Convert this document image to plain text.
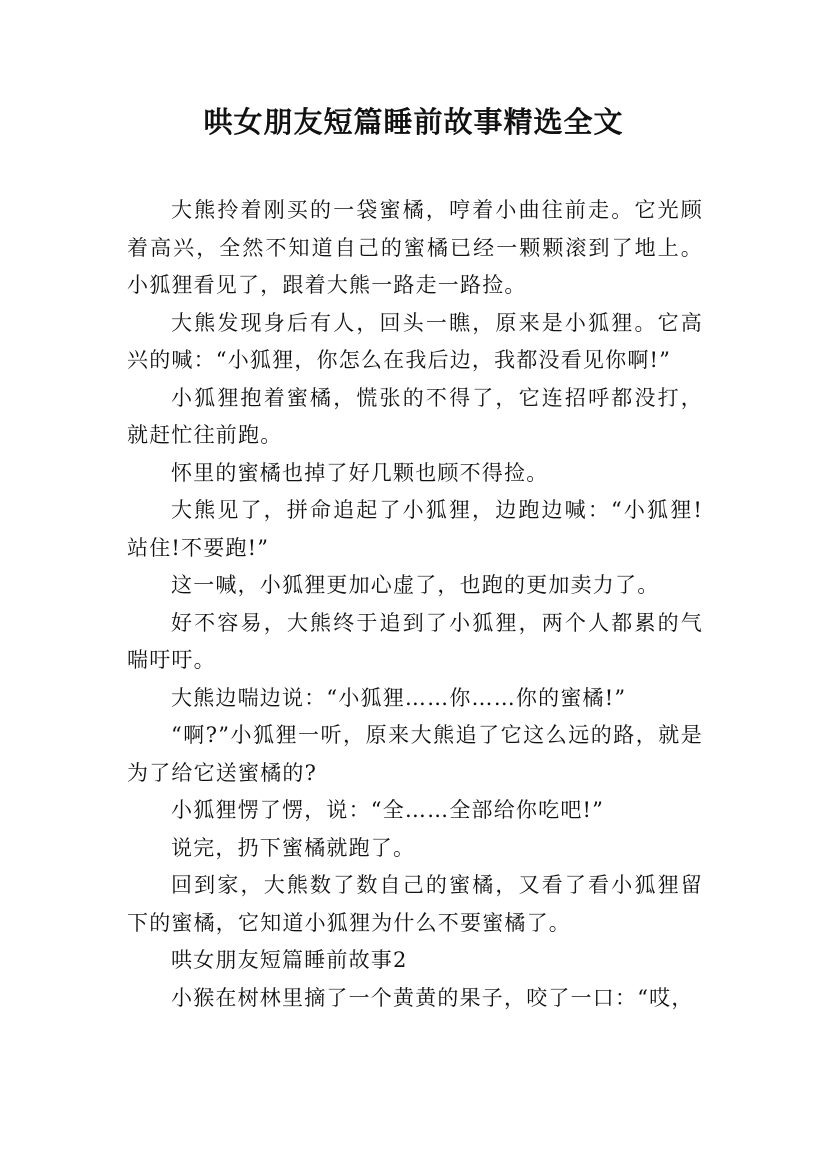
哄女朋友短篇睡前故事精选全文

大熊拎着刚买的一袋蜜橘，哼着小曲往前走。它光顾着高兴，全然不知道自己的蜜橘已经一颗颗滚到了地上。小狐狸看见了，跟着大熊一路走一路捡。

大熊发现身后有人，回头一瞧，原来是小狐狸。它高兴的喊：“小狐狸，你怎么在我后边，我都没看见你啊!”

小狐狸抱着蜜橘，慌张的不得了，它连招呼都没打，就赶忙往前跑。

怀里的蜜橘也掉了好几颗也顾不得捡。

大熊见了，拼命追起了小狐狸，边跑边喊：“小狐狸!站住!不要跑!”

这一喊，小狐狸更加心虚了，也跑的更加卖力了。

好不容易，大熊终于追到了小狐狸，两个人都累的气喘吁吁。

大熊边喘边说：“小狐狸……你……你的蜜橘!”

“啊?”小狐狸一听，原来大熊追了它这么远的路，就是为了给它送蜜橘的?

小狐狸愣了愣，说：“全……全部给你吃吧!”

说完，扔下蜜橘就跑了。

回到家，大熊数了数自己的蜜橘，又看了看小狐狸留下的蜜橘，它知道小狐狸为什么不要蜜橘了。

哄女朋友短篇睡前故事2

小猴在树林里摘了一个黄黄的果子，咬了一口：“哎，
